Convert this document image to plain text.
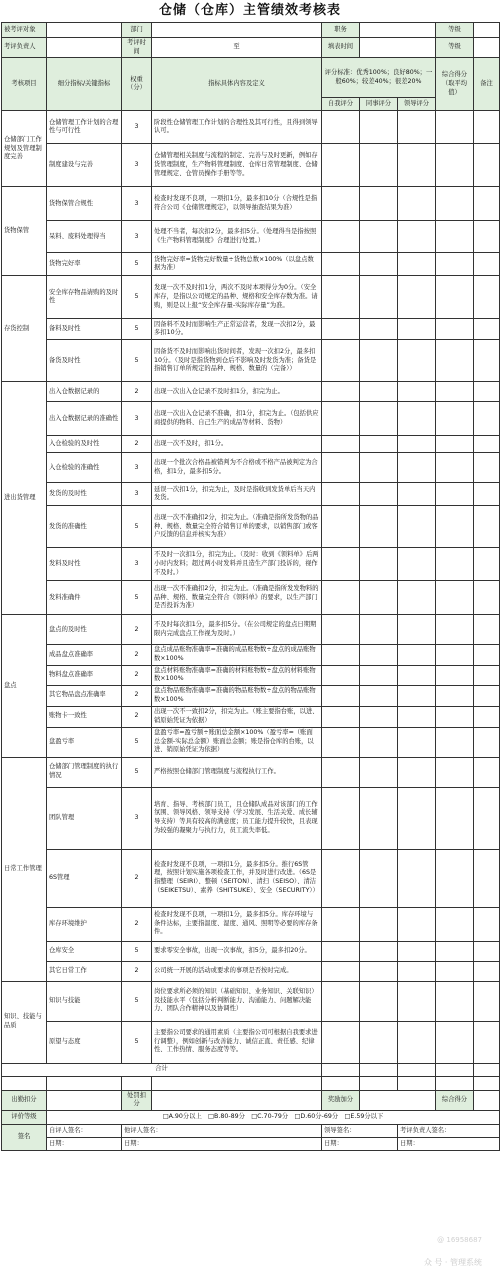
仓储（仓库）主管绩效考核表
被考评对象		部门		职务			等级	
考评负责人		考评时间	至	填表时间			等级	
考核项目	细分指标/关键指标	权重（分）	指标具体内容及定义	评分标准：优秀100%；良好80%；一般60%；较差40%；很差20%			综合得分（取平均值）	备注
				自我评分	同事评分	领导评分		
仓储部门工作规划及管理制度完善	仓储管理工作计划的合理性与可行性	3	阶段性仓储管理工作计划的合理性及其可行性，且得到领导认可。					
	制度建设与完善	3	仓储管理相关制度与流程的制定、完善与及时更新，例如存货管理制度，生产物料管理制度、仓库日常管理制度、仓储管理规定、仓管员操作手册等等。					
货物保管	货物保管合规性	3	检查时发现不良项，一项扣1分，最多扣10分（合规性是指符合公司《仓储管理规定》，以领导抽查结果为准）					
	呆料、废料处理得当	3	处理不当者，每次扣2分，最多扣5分。（处理得当是指按照《生产物料管理制度》合理进行处置。）					
	货物完好率	5	货物完好率=货物完好数量÷货物总数×100%（以盘点数据为准）					
存货控制	安全库存物品请购的及时性	5	发现一次不及时扣1分，两次不及时本项得分为0分。（安全库存，是指以公司规定的品种、规格和安全库存数为准。请购，则是以上报“安全库存量-实际库存量”为准。					
	备料及时性	5	因备料不及时而影响生产正常运营者，发现一次扣2分，最多扣10分。					
	备货及时性	5	因备货不及时而影响出货时间者，发现一次扣2分，最多扣10分。（及时是指货物到仓后不影响及时发货为准；备货是指销售订单所规定的品种、规格、数量的（完备））					
进出货管理	出入仓数据记录的	2	出现一次出入仓记录不及时扣1分，扣完为止。					
	出入仓数据记录的准确性	3	出现一次出入仓记录不准确，扣1分，扣完为止。（包括供应商提供的物料、自己生产的成品等材料、货物）					
	入仓检验的及时性	2	出现一次不及时，扣1分。					
	入仓检验的准确性	3	出现一个批次合格品被错判为不合格或不格产品被判定为合格，扣1分，最多扣5分。					
	发货的及时性	3	延误一次扣1分，扣完为止，及时是指收到发货单后当天内发货。					
	发货的准确性	5	出现一次不准确扣2分，扣完为止。（准确是指所发货物的品种、规格、数量完全符合销售订单的要求，以销售部门或客户反馈的信息并核实为准）					
	发料及时性	3	不及时一次扣1分，扣完为止。（及时：收到《领料单》后两小时内发料；超过两小时发料并且造生产部门投诉的，视作不及时。）					
	发料准确件	5	出现一次不准确扣2分，扣完为止。（准确是指所发发物料的品种、规格、数量完全符合《领料单》的要求，以生产部门是否投诉为准）					
盘点	盘点的及时性	2	不及时每次扣1分，最多扣5分。（在公司规定的盘点日期期限内完成盘点工作视为及时。）					
	成品盘点准确率	2	盘点成品账物准确率=准确的成品账物数÷盘点的成品账物数×100%					
	物料盘点准确率	2	盘点材料账物准确率=准确的材料账物数÷盘点的材料账物数×100%					
	其它物品盘点准确率	2	盘点物品账物准确率=准确的物品账物数÷盘点的物品账物数×100%					
	账物卡一致性	2	出现一次不一致扣2分，扣完为止。（账主要指台账，以进、销原始凭证为依据）					
	盘盈亏率	5	盘盈亏率=盈亏额÷账面总金额×100%（盈亏率=（账面总金额-实际总金额）账面总金额；账是指仓库的台账，以进、销原始凭证为依据）					
日常工作管理	仓储部门管理制度的执行情况	5	严格按照仓储部门管理制度与流程执行工作。					
	团队管理	3	培育、指导、考核部门员工，且仓储队成品对该部门的工作氛围、领导风格、领导支持（学习发展、生活关爱、成长辅导支持）等具有较高的满意度；员工能力提升较快，且表现为较强的凝聚力与执行力，员工流失率低。					
	6S管理	2	检查时发现不良项，一项扣1分，最多扣5分。推行6S管理，按照计划实施各项检查工作，并及时进行改进。（6S是指整理（SEIRI）、整顿（SEITON）、清扫（SEISO）、清洁（SEIKETSU）、素养（SHITSUKE）、安全（SECURITY））					
	库存环境维护	2	检查时发现不良项，一项扣1分，最多扣5分。库存环境与条件达标，主要指温度、湿度、通风、照明等必要的库存条件。					
	仓库安全	5	要求零安全事故，出现一次事故，扣5分，最多扣20分。					
	其它日常工作	2	公司统一开展的活动或要求的事项是否按时完成。					
知识、技能与品质	知识与技能	5	岗位要求所必须的知识（基础知识、业务知识、关联知识）及技能水平（包括分析判断能力、沟通能力、问题解决能力、团队合作精神以及协调性）					
	原望与态度	5	主要指公司要求的通用素质（主要指公司可根据自我要求进行调整），例如创新与改善能力、诚信正直、责任感、纪律性、工作热情、服务态度等等。					
合计								

出勤扣分		处罚扣分		奖励加分			综合得分	
评价等级	□A.90分以上　□B.80-89分　□C.70-79分　□D.60分-69分　□E.59分以下							
签名	自评人签名：	他评人签名：		领导签名：		考评负责人签名：		
	日期：	日期：		日期：		日期：		
@ 16958687
众 号 · 管理系统
